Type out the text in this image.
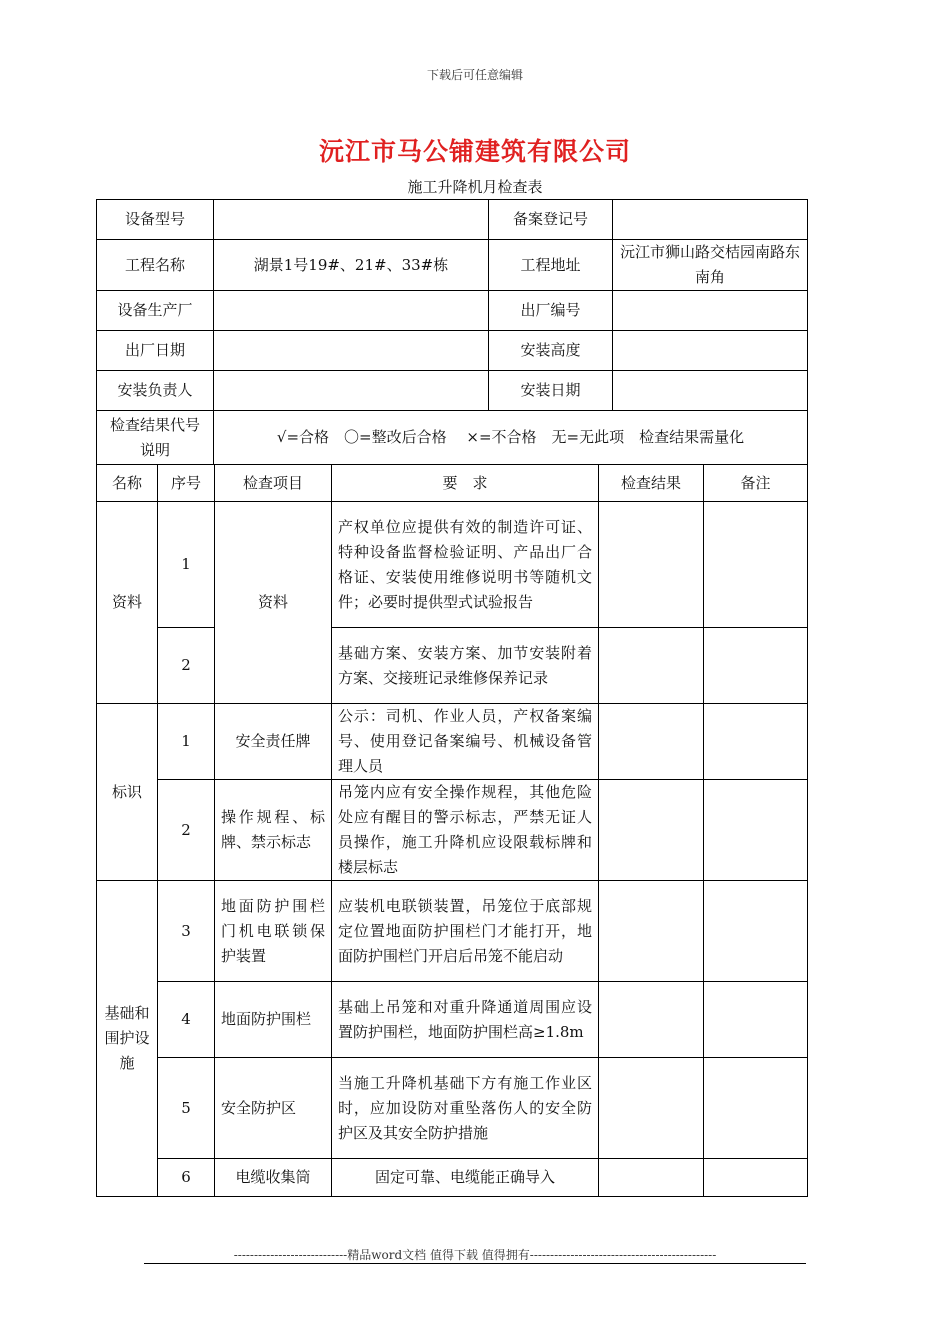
下载后可任意编辑
沅江市马公铺建筑有限公司
施工升降机月检查表
设备型号		备案登记号	
工程名称	湖景1号19#、21#、33#栋	工程地址	沅江市狮山路交桔园南路东南角
设备生产厂		出厂编号	
出厂日期		安装高度	
安装负责人		安装日期	
检查结果代号说明	√=合格　〇=整改后合格　 ×=不合格　无=无此项　检查结果需量化		
名称	序号	检查项目	要　求	检查结果	备注
资料	1	资料	产权单位应提供有效的制造许可证、特种设备监督检验证明、产品出厂合格证、安装使用维修说明书等随机文件；必要时提供型式试验报告		
	2		基础方案、安装方案、加节安装附着方案、交接班记录维修保养记录		
标识	1	安全责任牌	公示：司机、作业人员，产权备案编号、使用登记备案编号、机械设备管理人员		
	2	操作规程、标牌、禁示标志	吊笼内应有安全操作规程，其他危险处应有醒目的警示标志，严禁无证人员操作，施工升降机应设限载标牌和楼层标志		
基础和围护设施	3	地面防护围栏门机电联锁保护装置	应装机电联锁装置，吊笼位于底部规定位置地面防护围栏门才能打开，地面防护围栏门开启后吊笼不能启动		
	4	地面防护围栏	基础上吊笼和对重升降通道周围应设置防护围栏，地面防护围栏高≥1.8m		
	5	安全防护区	当施工升降机基础下方有施工作业区时，应加设防对重坠落伤人的安全防护区及其安全防护措施		
	6	电缆收集筒	固定可靠、电缆能正确导入		
----------------------------精品word文档 值得下载 值得拥有----------------------------------------------
